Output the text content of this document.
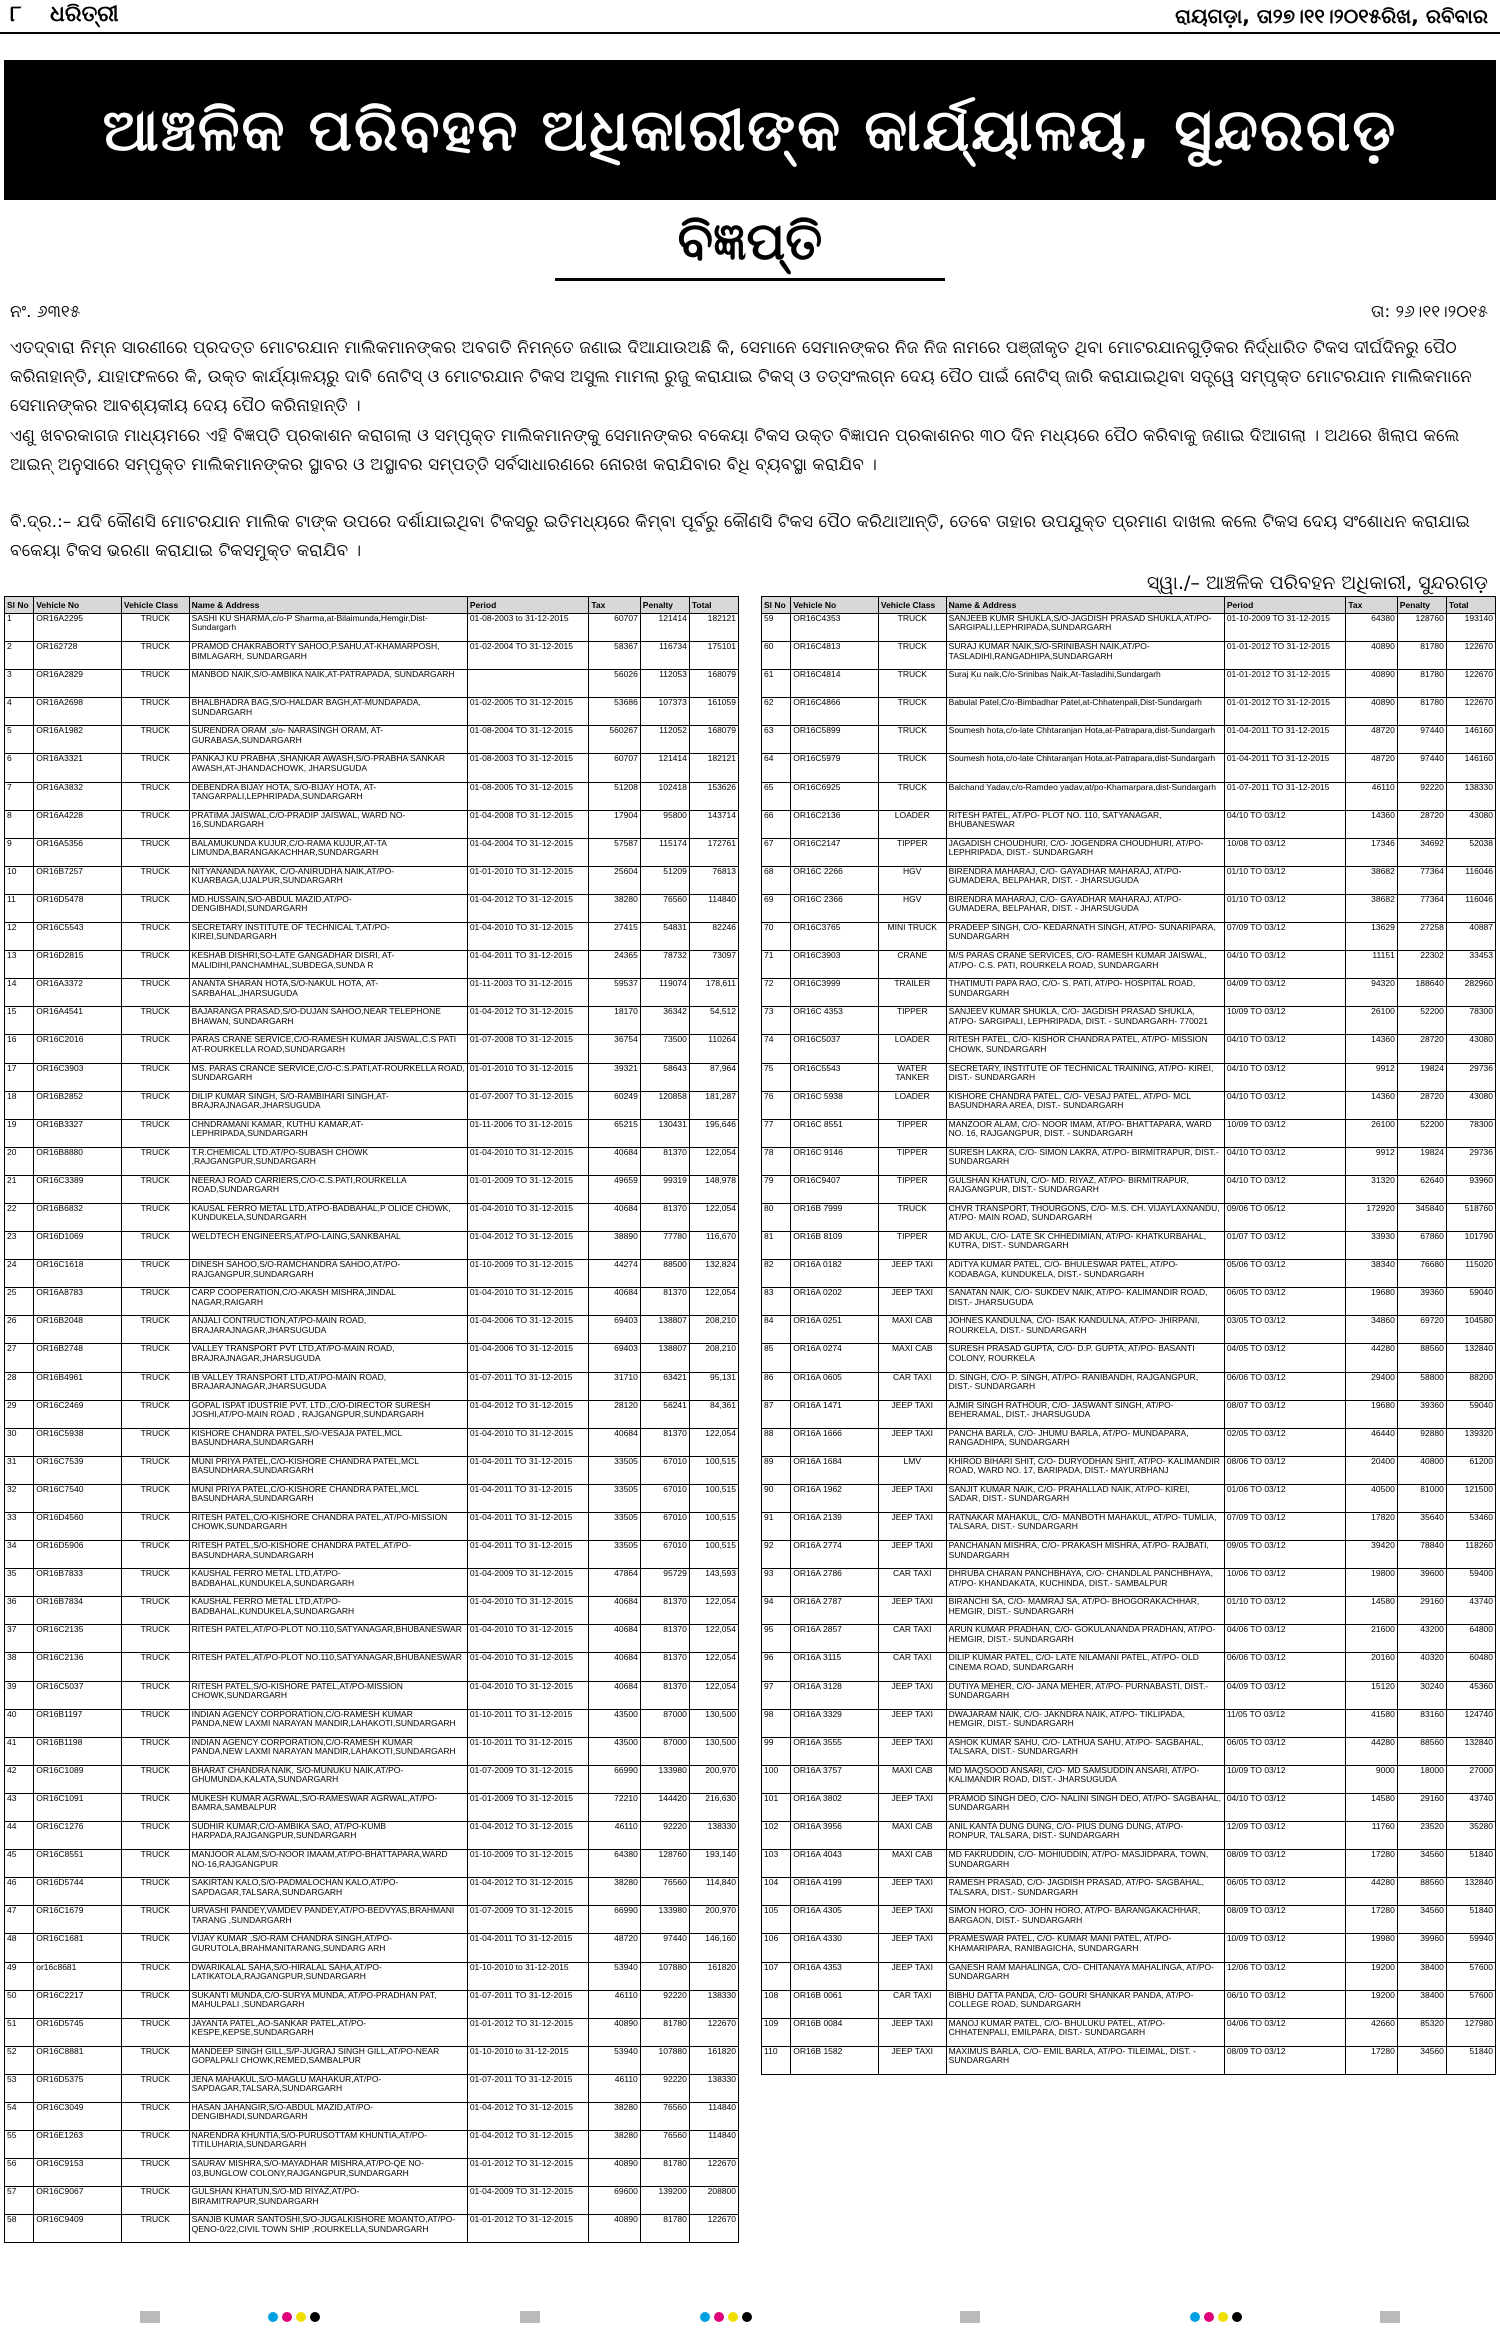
୮ ଧରିତ୍ରୀ	ରାୟଗଡ଼ା, ତା୨୭।୧୧।୨୦୧୫ରିଖ, ରବିବାର
ଆଞ୍ଚଳିକ ପରିବହନ ଅଧିକାରୀଙ୍କ କାର୍ଯ୍ୟାଳୟ, ସୁନ୍ଦରଗଡ଼
ବିଜ୍ଞପ୍ତି
ନଂ. ୬୩୧୫	ତା: ୨୬।୧୧।୨୦୧୫
ଏତଦ୍ବାରା ନିମ୍ନ ସାରଣୀରେ ପ୍ରଦତ୍ତ ମୋଟରଯାନ ମାଲିକମାନଙ୍କର ଅବଗତି ନିମନ୍ତେ ଜଣାଇ ଦିଆଯାଉଅଛି କି, ସେମାନେ ସେମାନଙ୍କର ନିଜ ନିଜ ନାମରେ ପଞ୍ଜୀକୃତ ଥିବା ମୋଟରଯାନଗୁଡ଼ିକର ନିର୍ଦ୍ଧାରିତ ଟିକସ ଦୀର୍ଘଦିନରୁ ପୈଠ କରିନାହାନ୍ତି, ଯାହାଫଳରେ କି, ଉକ୍ତ କାର୍ଯ୍ୟାଳୟରୁ ଦାବି ନୋଟିସ୍ ଓ ମୋଟରଯାନ ଟିକସ ଅସୁଲ ମାମଲା ରୁଜୁ କରାଯାଇ ଟିକସ୍ ଓ ତତ୍ସଂଲଗ୍ନ ଦେୟ ପୈଠ ପାଇଁ ନୋଟିସ୍ ଜାରି କରାଯାଇଥିବା ସତ୍ତ୍ୱେ ସମ୍ପୃକ୍ତ ମୋଟରଯାନ ମାଲିକମାନେ ସେମାନଙ୍କର ଆବଶ୍ୟକୀୟ ଦେୟ ପୈଠ କରିନାହାନ୍ତି ।
ଏଣୁ ଖବରକାଗଜ ମାଧ୍ୟମରେ ଏହି ବିଜ୍ଞପ୍ତି ପ୍ରକାଶନ କରାଗଲା ଓ ସମ୍ପୃକ୍ତ ମାଲିକମାନଙ୍କୁ ସେମାନଙ୍କର ବକେୟା ଟିକସ ଉକ୍ତ ବିଜ୍ଞାପନ ପ୍ରକାଶନର ୩୦ ଦିନ ମଧ୍ୟରେ ପୈଠ କରିବାକୁ ଜଣାଇ ଦିଆଗଲା । ଅଥରେ ଖିଲାପ କଲେ ଆଇନ୍ ଅନୁସାରେ ସମ୍ପୃକ୍ତ ମାଲିକମାନଙ୍କର ସ୍ଥାବର ଓ ଅସ୍ଥାବର ସମ୍ପତ୍ତି ସର୍ବସାଧାରଣରେ ନୋରଖ କରାଯିବାର ବିଧି ବ୍ୟବସ୍ଥା କରାଯିବ ।
ବି.ଦ୍ର.:– ଯଦି କୌଣସି ମୋଟରଯାନ ମାଲିକ ଟାଙ୍କ ଉପରେ ଦର୍ଶାଯାଇଥିବା ଟିକସରୁ ଇତିମଧ୍ୟରେ କିମ୍ବା ପୂର୍ବରୁ କୌଣସି ଟିକସ ପୈଠ କରିଥାଆନ୍ତି, ତେବେ ତାହାର ଉପଯୁକ୍ତ ପ୍ରମାଣ ଦାଖଲ କଲେ ଟିକସ ଦେୟ ସଂଶୋଧନ କରାଯାଇ ବକେୟା ଟିକସ ଭରଣା କରାଯାଇ ଟିକସମୁକ୍ତ କରାଯିବ ।
ସ୍ୱା./– ଆଞ୍ଚଳିକ ପରିବହନ ଅଧିକାରୀ, ସୁନ୍ଦରଗଡ଼
Sl No	Vehicle No	Vehicle Class	Name & Address	Period	Tax	Penalty	Total
1	OR16A2295	TRUCK	SASHI KU SHARMA,c/o-P Sharma,at-Bilaimunda,Hemgir,Dist-Sundargarh	01-08-2003 to 31-12-2015	60707	121414	182121
2	OR162728	TRUCK	PRAMOD CHAKRABORTY SAHOO,P.SAHU,AT-KHAMARPOSH, BIMLAGARH, SUNDARGARH	01-02-2004 TO 31-12-2015	58367	116734	175101
3	OR16A2829	TRUCK	MANBOD NAIK,S/O-AMBIKA NAIK,AT-PATRAPADA, SUNDARGARH		56026	112053	168079
4	OR16A2698	TRUCK	BHALBHADRA BAG,S/O-HALDAR BAGH,AT-MUNDAPADA, SUNDARGARH	01-02-2005 TO 31-12-2015	53686	107373	161059
5	OR16A1982	TRUCK	SURENDRA ORAM ,s/o- NARASINGH ORAM, AT-GURABASA,SUNDARGARH	01-08-2004 TO 31-12-2015	560267	112052	168079
6	OR16A3321	TRUCK	PANKAJ KU PRABHA ,SHANKAR AWASH,S/O-PRABHA SANKAR AWASH,AT-JHANDACHOWK, JHARSUGUDA	01-08-2003 TO 31-12-2015	60707	121414	182121
7	OR16A3832	TRUCK	DEBENDRA BIJAY HOTA, S/O-BIJAY HOTA, AT-TANGARPALI,LEPHRIPADA,SUNDARGARH	01-08-2005 TO 31-12-2015	51208	102418	153626
8	OR16A4228	TRUCK	PRATIMA JAISWAL,C/O-PRADIP JAISWAL, WARD NO-16,SUNDARGARH	01-04-2008 TO 31-12-2015	17904	95800	143714
9	OR16A5356	TRUCK	BALAMUKUNDA KUJUR,C/O-RAMA KUJUR,AT-TA LIMUNDA,BARANGAKACHHAR,SUNDARGARH	01-04-2004 TO 31-12-2015	57587	115174	172761
10	OR16B7257	TRUCK	NITYANANDA NAYAK, C/O-ANIRUDHA NAIK,AT/PO-KUARBAGA,UJALPUR,SUNDARGARH	01-01-2010 TO 31-12-2015	25604	51209	76813
11	OR16D5478	TRUCK	MD.HUSSAIN,S/O-ABDUL MAZID,AT/PO-DENGIBHADI,SUNDARGARH	01-04-2012 TO 31-12-2015	38280	76560	114840
12	OR16C5543	TRUCK	SECRETARY INSTITUTE OF TECHNICAL T,AT/PO-KIREI,SUNDARGARH	01-04-2010 TO 31-12-2015	27415	54831	82246
13	OR16D2815	TRUCK	KESHAB DISHRI,SO-LATE GANGADHAR DISRI, AT-MALIDIHI,PANCHAMHAL,SUBDEGA,SUNDA R	01-04-2011 TO 31-12-2015	24365	78732	73097
14	OR16A3372	TRUCK	ANANTA SHARAN HOTA,S/O-NAKUL HOTA, AT-SARBAHAL,JHARSUGUDA	01-11-2003 TO 31-12-2015	59537	119074	178,611
15	OR16A4541	TRUCK	BAJARANGA PRASAD,S/O-DUJAN SAHOO,NEAR TELEPHONE BHAWAN, SUNDARGARH	01-04-2012 TO 31-12-2015	18170	36342	54,512
16	OR16C2016	TRUCK	PARAS CRANE SERVICE,C/O-RAMESH KUMAR JAISWAL,C.S PATI AT-ROURKELLA ROAD,SUNDARGARH	01-07-2008 TO 31-12-2015	36754	73500	110264
17	OR16C3903	TRUCK	MS. PARAS CRANCE SERVICE,C/O-C.S.PATI,AT-ROURKELLA ROAD, SUNDARGARH	01-01-2010 TO 31-12-2015	39321	58643	87,964
18	OR16B2852	TRUCK	DILIP KUMAR SINGH, S/O-RAMBIHARI SINGH,AT-BRAJRAJNAGAR,JHARSUGUDA	01-07-2007 TO 31-12-2015	60249	120858	181,287
19	OR16B3327	TRUCK	CHNDRAMANI KAMAR, KUTHU KAMAR,AT-LEPHRIPADA,SUNDARGARH	01-11-2006 TO 31-12-2015	65215	130431	195,646
20	OR16B8880	TRUCK	T.R.CHEMICAL LTD.AT/PO-SUBASH CHOWK ,RAJGANGPUR,SUNDARGARH	01-04-2010 TO 31-12-2015	40684	81370	122,054
21	OR16C3389	TRUCK	NEERAJ ROAD CARRIERS,C/O-C.S.PATI,ROURKELLA ROAD,SUNDARGARH	01-01-2009 TO 31-12-2015	49659	99319	148,978
22	OR16B6832	TRUCK	KAUSAL FERRO METAL LTD,ATPO-BADBAHAL,P OLICE CHOWK, KUNDUKELA,SUNDARGARH	01-04-2010 TO 31-12-2015	40684	81370	122,054
23	OR16D1069	TRUCK	WELDTECH ENGINEERS,AT/PO-LAING,SANKBAHAL	01-04-2012 TO 31-12-2015	38890	77780	116,670
24	OR16C1618	TRUCK	DINESH SAHOO,S/O-RAMCHANDRA SAHOO,AT/PO-RAJGANGPUR,SUNDARGARH	01-10-2009 TO 31-12-2015	44274	88500	132,824
25	OR16A8783	TRUCK	CARP COOPERATION,C/O-AKASH MISHRA,JINDAL NAGAR,RAIGARH	01-04-2010 TO 31-12-2015	40684	81370	122,054
26	OR16B2048	TRUCK	ANJALI CONTRUCTION,AT/PO-MAIN ROAD, BRAJARAJNAGAR,JHARSUGUDA	01-04-2006 TO 31-12-2015	69403	138807	208,210
27	OR16B2748	TRUCK	VALLEY TRANSPORT PVT LTD,AT/PO-MAIN ROAD, BRAJRAJNAGAR,JHARSUGUDA	01-04-2006 TO 31-12-2015	69403	138807	208,210
28	OR16B4961	TRUCK	IB VALLEY TRANSPORT LTD,AT/PO-MAIN ROAD, BRAJARAJNAGAR,JHARSUGUDA	01-07-2011 TO 31-12-2015	31710	63421	95,131
29	OR16C2469	TRUCK	GOPAL ISPAT IDUSTRIE PVT. LTD.,C/O-DIRECTOR SURESH JOSHI,AT/PO-MAIN ROAD , RAJGANGPUR,SUNDARGARH	01-04-2012 TO 31-12-2015	28120	56241	84,361
30	OR16C5938	TRUCK	KISHORE CHANDRA PATEL,S/O-VESAJA PATEL,MCL BASUNDHARA,SUNDARGARH	01-04-2010 TO 31-12-2015	40684	81370	122,054
31	OR16C7539	TRUCK	MUNI PRIYA PATEL,C/O-KISHORE CHANDRA PATEL,MCL BASUNDHARA,SUNDARGARH	01-04-2011 TO 31-12-2015	33505	67010	100,515
32	OR16C7540	TRUCK	MUNI PRIYA PATEL,C/O-KISHORE CHANDRA PATEL,MCL BASUNDHARA,SUNDARGARH	01-04-2011 TO 31-12-2015	33505	67010	100,515
33	OR16D4560	TRUCK	RITESH PATEL,C/O-KISHORE CHANDRA PATEL,AT/PO-MISSION CHOWK,SUNDARGARH	01-04-2011 TO 31-12-2015	33505	67010	100,515
34	OR16D5906	TRUCK	RITESH PATEL,S/O-KISHORE CHANDRA PATEL,AT/PO-BASUNDHARA,SUNDARGARH	01-04-2011 TO 31-12-2015	33505	67010	100,515
35	OR16B7833	TRUCK	KAUSHAL FERRO METAL LTD,AT/PO-BADBAHAL,KUNDUKELA,SUNDARGARH	01-04-2009 TO 31-12-2015	47864	95729	143,593
36	OR16B7834	TRUCK	KAUSHAL FERRO METAL LTD,AT/PO-BADBAHAL,KUNDUKELA,SUNDARGARH	01-04-2010 TO 31-12-2015	40684	81370	122,054
37	OR16C2135	TRUCK	RITESH PATEL,AT/PO-PLOT NO.110,SATYANAGAR,BHUBANESWAR	01-04-2010 TO 31-12-2015	40684	81370	122,054
38	OR16C2136	TRUCK	RITESH PATEL,AT/PO-PLOT NO.110,SATYANAGAR,BHUBANESWAR	01-04-2010 TO 31-12-2015	40684	81370	122,054
39	OR16C5037	TRUCK	RITESH PATEL,S/O-KISHORE PATEL,AT/PO-MISSION CHOWK,SUNDARGARH	01-04-2010 TO 31-12-2015	40684	81370	122,054
40	OR16B1197	TRUCK	INDIAN AGENCY CORPORATION,C/O-RAMESH KUMAR PANDA,NEW LAXMI NARAYAN MANDIR,LAHAKOTI,SUNDARGARH	01-10-2011 TO 31-12-2015	43500	87000	130,500
41	OR16B1198	TRUCK	INDIAN AGENCY CORPORATION,C/O-RAMESH KUMAR PANDA,NEW LAXMI NARAYAN MANDIR,LAHAKOTI,SUNDARGARH	01-10-2011 TO 31-12-2015	43500	87000	130,500
42	OR16C1089	TRUCK	BHARAT CHANDRA NAIK, S/O-MUNUKU NAIK,AT/PO-GHUMUNDA,KALATA,SUNDARGARH	01-07-2009 TO 31-12-2015	66990	133980	200,970
43	OR16C1091	TRUCK	MUKESH KUMAR AGRWAL,S/O-RAMESWAR AGRWAL,AT/PO-BAMRA,SAMBALPUR	01-01-2009 TO 31-12-2015	72210	144420	216,630
44	OR16C1276	TRUCK	SUDHIR KUMAR,C/O-AMBIKA SAO, AT/PO-KUMB HARPADA,RAJGANGPUR,SUNDARGARH	01-04-2012 TO 31-12-2015	46110	92220	138330
45	OR16C8551	TRUCK	MANJOOR ALAM,S/O-NOOR IMAAM,AT/PO-BHATTAPARA,WARD NO-16,RAJGANGPUR	01-10-2009 TO 31-12-2015	64380	128760	193,140
46	OR16D5744	TRUCK	SAKIRTAN KALO,S/O-PADMALOCHAN KALO,AT/PO-SAPDAGAR,TALSARA,SUNDARGARH	01-04-2012 TO 31-12-2015	38280	76560	114,840
47	OR16C1679	TRUCK	URVASHI PANDEY,VAMDEV PANDEY,AT/PO-BEDVYAS,BRAHMANI TARANG ,SUNDARGARH	01-07-2009 TO 31-12-2015	66990	133980	200,970
48	OR16C1681	TRUCK	VIJAY KUMAR ,S/O-RAM CHANDRA SINGH,AT/PO-GURUTOLA,BRAHMANITARANG,SUNDARG ARH	01-04-2011 TO 31-12-2015	48720	97440	146,160
49	or16c8681	TRUCK	DWARIKALAL SAHA,S/O-HIRALAL SAHA,AT/PO-LATIKATOLA,RAJGANGPUR,SUNDARGARH	01-10-2010 to 31-12-2015	53940	107880	161820
50	OR16C2217	TRUCK	SUKANTI MUNDA,C/O-SURYA MUNDA, AT/PO-PRADHAN PAT, MAHULPALI ,SUNDARGARH	01-07-2011 TO 31-12-2015	46110	92220	138330
51	OR16D5745	TRUCK	JAYANTA PATEL,AO-SANKAR PATEL,AT/PO-KESPE,KEPSE,SUNDARGARH	01-01-2012 TO 31-12-2015	40890	81780	122670
52	OR16C8881	TRUCK	MANDEEP SINGH GILL,S/P-JUGRAJ SINGH GILL,AT/PO-NEAR GOPALPALI CHOWK,REMED,SAMBALPUR	01-10-2010 to 31-12-2015	53940	107880	161820
53	OR16D5375	TRUCK	JENA MAHAKUL,S/O-MAGLU MAHAKUR,AT/PO-SAPDAGAR,TALSARA,SUNDARGARH	01-07-2011 TO 31-12-2015	46110	92220	138330
54	OR16C3049	TRUCK	HASAN JAHANGIR,S/O-ABDUL MAZID,AT/PO-DENGIBHADI,SUNDARGARH	01-04-2012 TO 31-12-2015	38280	76560	114840
55	OR16E1263	TRUCK	NARENDRA KHUNTIA,S/O-PURUSOTTAM KHUNTIA,AT/PO-TITILUHARIA,SUNDARGARH	01-04-2012 TO 31-12-2015	38280	76560	114840
56	OR16C9153	TRUCK	SAURAV MISHRA,S/O-MAYADHAR MISHRA,AT/PO-QE NO-03,BUNGLOW COLONY,RAJGANGPUR,SUNDARGARH	01-01-2012 TO 31-12-2015	40890	81780	122670
57	OR16C9067	TRUCK	GULSHAN KHATUN,S/O-MD RIYAZ,AT/PO-BIRAMITRAPUR,SUNDARGARH	01-04-2009 TO 31-12-2015	69600	139200	208800
58	OR16C9409	TRUCK	SANJIB KUMAR SANTOSHI,S/O-JUGALKISHORE MOANTO,AT/PO-QENO-0/22,CIVIL TOWN SHIP ,ROURKELLA,SUNDARGARH	01-01-2012 TO 31-12-2015	40890	81780	122670
Sl No	Vehicle No	Vehicle Class	Name & Address	Period	Tax	Penalty	Total
59	OR16C4353	TRUCK	SANJEEB KUMR SHUKLA,S/O-JAGDISH PRASAD SHUKLA,AT/PO-SARGIPALI,LEPHRIPADA,SUNDARGARH	01-10-2009 TO 31-12-2015	64380	128760	193140
60	OR16C4813	TRUCK	SURAJ KUMAR NAIK,S/O-SRINIBASH NAIK,AT/PO-TASLADIHI,RANGADHIPA,SUNDARGARH	01-01-2012 TO 31-12-2015	40890	81780	122670
61	OR16C4814	TRUCK	Suraj Ku naik,C/o-Srinibas Naik,At-Tasladihi,Sundargarh	01-01-2012 TO 31-12-2015	40890	81780	122670
62	OR16C4866	TRUCK	Babulal Patel,C/o-Bimbadhar Patel,at-Chhatenpali,Dist-Sundargarh	01-01-2012 TO 31-12-2015	40890	81780	122670
63	OR16C5899	TRUCK	Soumesh hota,c/o-late Chhtaranjan Hota,at-Patrapara,dist-Sundargarh	01-04-2011 TO 31-12-2015	48720	97440	146160
64	OR16C5979	TRUCK	Soumesh hota,c/o-late Chhtaranjan Hota,at-Patrapara,dist-Sundargarh	01-04-2011 TO 31-12-2015	48720	97440	146160
65	OR16C6925	TRUCK	Balchand Yadav,c/o-Ramdeo yadav,at/po-Khamarpara,dist-Sundargarh	01-07-2011 TO 31-12-2015	46110	92220	138330
66	OR16C2136	LOADER	RITESH PATEL, AT/PO- PLOT NO. 110, SATYANAGAR, BHUBANESWAR	04/10 TO 03/12	14360	28720	43080
67	OR16C2147	TIPPER	JAGADISH CHOUDHURI, C/O- JOGENDRA CHOUDHURI, AT/PO- LEPHRIPADA, DIST.- SUNDARGARH	10/08 TO 03/12	17346	34692	52038
68	OR16C 2266	HGV	BIRENDRA MAHARAJ, C/O- GAYADHAR MAHARAJ, AT/PO- GUMADERA, BELPAHAR, DIST. - JHARSUGUDA	01/10 TO 03/12	38682	77364	116046
69	OR16C 2366	HGV	BIRENDRA MAHARAJ, C/O- GAYADHAR MAHARAJ, AT/PO- GUMADERA, BELPAHAR, DIST. - JHARSUGUDA	01/10 TO 03/12	38682	77364	116046
70	OR16C3765	MINI TRUCK	PRADEEP SINGH, C/O- KEDARNATH SINGH, AT/PO- SUNARIPARA, SUNDARGARH	07/09 TO 03/12	13629	27258	40887
71	OR16C3903	CRANE	M/S PARAS CRANE SERVICES, C/O- RAMESH KUMAR JAISWAL, AT/PO- C.S. PATI, ROURKELA ROAD, SUNDARGARH	04/10 TO 03/12	11151	22302	33453
72	OR16C3999	TRAILER	THATIMUTI PAPA RAO, C/O- S. PATI, AT/PO- HOSPITAL ROAD, SUNDARGARH	04/09 TO 03/12	94320	188640	282960
73	OR16C 4353	TIPPER	SANJEEV KUMAR SHUKLA, C/O- JAGDISH PRASAD SHUKLA, AT/PO- SARGIPALI, LEPHRIPADA, DIST. - SUNDARGARH- 770021	10/09 TO 03/12	26100	52200	78300
74	OR16C5037	LOADER	RITESH PATEL, C/O- KISHOR CHANDRA PATEL, AT/PO- MISSION CHOWK, SUNDARGARH	04/10 TO 03/12	14360	28720	43080
75	OR16C5543	WATER TANKER	SECRETARY, INSTITUTE OF TECHNICAL TRAINING, AT/PO- KIREI, DIST.- SUNDARGARH	04/10 TO 03/12	9912	19824	29736
76	OR16C 5938	LOADER	KISHORE CHANDRA PATEL, C/O- VESAJ PATEL, AT/PO- MCL BASUNDHARA AREA, DIST.- SUNDARGARH	04/10 TO 03/12	14360	28720	43080
77	OR16C 8551	TIPPER	MANZOOR ALAM, C/O- NOOR IMAM, AT/PO- BHATTAPARA, WARD NO. 16, RAJGANGPUR, DIST. - SUNDARGARH	10/09 TO 03/12	26100	52200	78300
78	OR16C 9146	TIPPER	SURESH LAKRA, C/O- SIMON LAKRA, AT/PO- BIRMITRAPUR, DIST.- SUNDARGARH	04/10 TO 03/12	9912	19824	29736
79	OR16C9407	TIPPER	GULSHAN KHATUN, C/O- MD. RIYAZ, AT/PO- BIRMITRAPUR, RAJGANGPUR, DIST.- SUNDARGARH	04/10 TO 03/12	31320	62640	93960
80	OR16B 7999	TRUCK	CHVR TRANSPORT, THOURGONS, C/O- M.S. CH. VIJAYLAXNANDU, AT/PO- MAIN ROAD, SUNDARGARH	09/06 TO 05/12	172920	345840	518760
81	OR16B 8109	TIPPER	MD AKUL, C/O- LATE SK CHHEDIMIAN, AT/PO- KHATKURBAHAL, KUTRA, DIST.- SUNDARGARH	01/07 TO 03/12	33930	67860	101790
82	OR16A 0182	JEEP TAXI	ADITYA KUMAR PATEL, C/O- BHULESWAR PATEL, AT/PO- KODABAGA, KUNDUKELA, DIST.- SUNDARGARH	05/06 TO 03/12	38340	76680	115020
83	OR16A 0202	JEEP TAXI	SANATAN NAIK, C/O- SUKDEV NAIK, AT/PO- KALIMANDIR ROAD, DIST.- JHARSUGUDA	06/05 TO 03/12	19680	39360	59040
84	OR16A 0251	MAXI CAB	JOHNES KANDULNA, C/O- ISAK KANDULNA, AT/PO- JHIRPANI, ROURKELA, DIST.- SUNDARGARH	03/05 TO 03/12	34860	69720	104580
85	OR16A 0274	MAXI CAB	SURESH PRASAD GUPTA, C/O- D.P. GUPTA, AT/PO- BASANTI COLONY, ROURKELA	04/05 TO 03/12	44280	88560	132840
86	OR16A 0605	CAR TAXI	D. SINGH, C/O- P. SINGH, AT/PO- RANIBANDH, RAJGANGPUR, DIST.- SUNDARGARH	06/06 TO 03/12	29400	58800	88200
87	OR16A 1471	JEEP TAXI	AJMIR SINGH RATHOUR, C/O- JASWANT SINGH, AT/PO- BEHERAMAL, DIST.- JHARSUGUDA	08/07 TO 03/12	19680	39360	59040
88	OR16A 1666	JEEP TAXI	PANCHA BARLA, C/O- JHUMU BARLA, AT/PO- MUNDAPARA, RANGADHIPA, SUNDARGARH	02/05 TO 03/12	46440	92880	139320
89	OR16A 1684	LMV	KHIROD BIHARI SHIT, C/O- DURYODHAN SHIT, AT/PO- KALIMANDIR ROAD, WARD NO. 17, BARIPADA, DIST.- MAYURBHANJ	08/06 TO 03/12	20400	40800	61200
90	OR16A 1962	JEEP TAXI	SANJIT KUMAR NAIK, C/O- PRAHALLAD NAIK, AT/PO- KIREI, SADAR, DIST.- SUNDARGARH	01/06 TO 03/12	40500	81000	121500
91	OR16A 2139	JEEP TAXI	RATNAKAR MAHAKUL, C/O- MANBOTH MAHAKUL, AT/PO- TUMLIA, TALSARA, DIST.- SUNDARGARH	07/09 TO 03/12	17820	35640	53460
92	OR16A 2774	JEEP TAXI	PANCHANAN MISHRA, C/O- PRAKASH MISHRA, AT/PO- RAJBATI, SUNDARGARH	09/05 TO 03/12	39420	78840	118260
93	OR16A 2786	CAR TAXI	DHRUBA CHARAN PANCHBHAYA, C/O- CHANDLAL PANCHBHAYA, AT/PO- KHANDAKATA, KUCHINDA, DIST.- SAMBALPUR	10/06 TO 03/12	19800	39600	59400
94	OR16A 2787	JEEP TAXI	BIRANCHI SA, C/O- MAMRAJ SA, AT/PO- BHOGORAKACHHAR, HEMGIR, DIST.- SUNDARGARH	01/10 TO 03/12	14580	29160	43740
95	OR16A 2857	CAR TAXI	ARUN KUMAR PRADHAN, C/O- GOKULANANDA PRADHAN, AT/PO- HEMGIR, DIST.- SUNDARGARH	04/06 TO 03/12	21600	43200	64800
96	OR16A 3115	CAR TAXI	DILIP KUMAR PATEL, C/O- LATE NILAMANI PATEL, AT/PO- OLD CINEMA ROAD, SUNDARGARH	06/06 TO 03/12	20160	40320	60480
97	OR16A 3128	JEEP TAXI	DUTIYA MEHER, C/O- JANA MEHER, AT/PO- PURNABASTI, DIST.- SUNDARGARH	04/09 TO 03/12	15120	30240	45360
98	OR16A 3329	JEEP TAXI	DWAJARAM NAIK, C/O- JAKNDRA NAIK, AT/PO- TIKLIPADA, HEMGIR, DIST.- SUNDARGARH	11/05 TO 03/12	41580	83160	124740
99	OR16A 3555	JEEP TAXI	ASHOK KUMAR SAHU, C/O- LATHUA SAHU, AT/PO- SAGBAHAL, TALSARA, DIST.- SUNDARGARH	06/05 TO 03/12	44280	88560	132840
100	OR16A 3757	MAXI CAB	MD MAQSOOD ANSARI, C/O- MD SAMSUDDIN ANSARI, AT/PO- KALIMANDIR ROAD, DIST.- JHARSUGUDA	10/09 TO 03/12	9000	18000	27000
101	OR16A 3802	JEEP TAXI	PRAMOD SINGH DEO, C/O- NALINI SINGH DEO, AT/PO- SAGBAHAL, SUNDARGARH	04/10 TO 03/12	14580	29160	43740
102	OR16A 3956	MAXI CAB	ANIL KANTA DUNG DUNG, C/O- PIUS DUNG DUNG, AT/PO- RONPUR, TALSARA, DIST.- SUNDARGARH	12/09 TO 03/12	11760	23520	35280
103	OR16A 4043	MAXI CAB	MD FAKRUDDIN, C/O- MOHIUDDIN, AT/PO- MASJIDPARA, TOWN, SUNDARGARH	08/09 TO 03/12	17280	34560	51840
104	OR16A 4199	JEEP TAXI	RAMESH PRASAD, C/O- JAGDISH PRASAD, AT/PO- SAGBAHAL, TALSARA, DIST.- SUNDARGARH	06/05 TO 03/12	44280	88560	132840
105	OR16A 4305	JEEP TAXI	SIMON HORO, C/O- JOHN HORO, AT/PO- BARANGAKACHHAR, BARGAON, DIST.- SUNDARGARH	08/09 TO 03/12	17280	34560	51840
106	OR16A 4330	JEEP TAXI	PRAMESWAR PATEL, C/O- KUMAR MANI PATEL, AT/PO- KHAMARIPARA, RANIBAGICHA, SUNDARGARH	10/09 TO 03/12	19980	39960	59940
107	OR16A 4353	JEEP TAXI	GANESH RAM MAHALINGA, C/O- CHITANAYA MAHALINGA, AT/PO- SUNDARGARH	12/06 TO 03/12	19200	38400	57600
108	OR16B 0061	CAR TAXI	BIBHU DATTA PANDA, C/O- GOURI SHANKAR PANDA, AT/PO- COLLEGE ROAD, SUNDARGARH	06/10 TO 03/12	19200	38400	57600
109	OR16B 0084	JEEP TAXI	MANOJ KUMAR PATEL, C/O- BHULUKU PATEL, AT/PO- CHHATENPALI, EMILPARA, DIST.- SUNDARGARH	04/06 TO 03/12	42660	85320	127980
110	OR16B 1582	JEEP TAXI	MAXIMUS BARLA, C/O- EMIL BARLA, AT/PO- TILEIMAL, DIST. - SUNDARGARH	08/09 TO 03/12	17280	34560	51840
